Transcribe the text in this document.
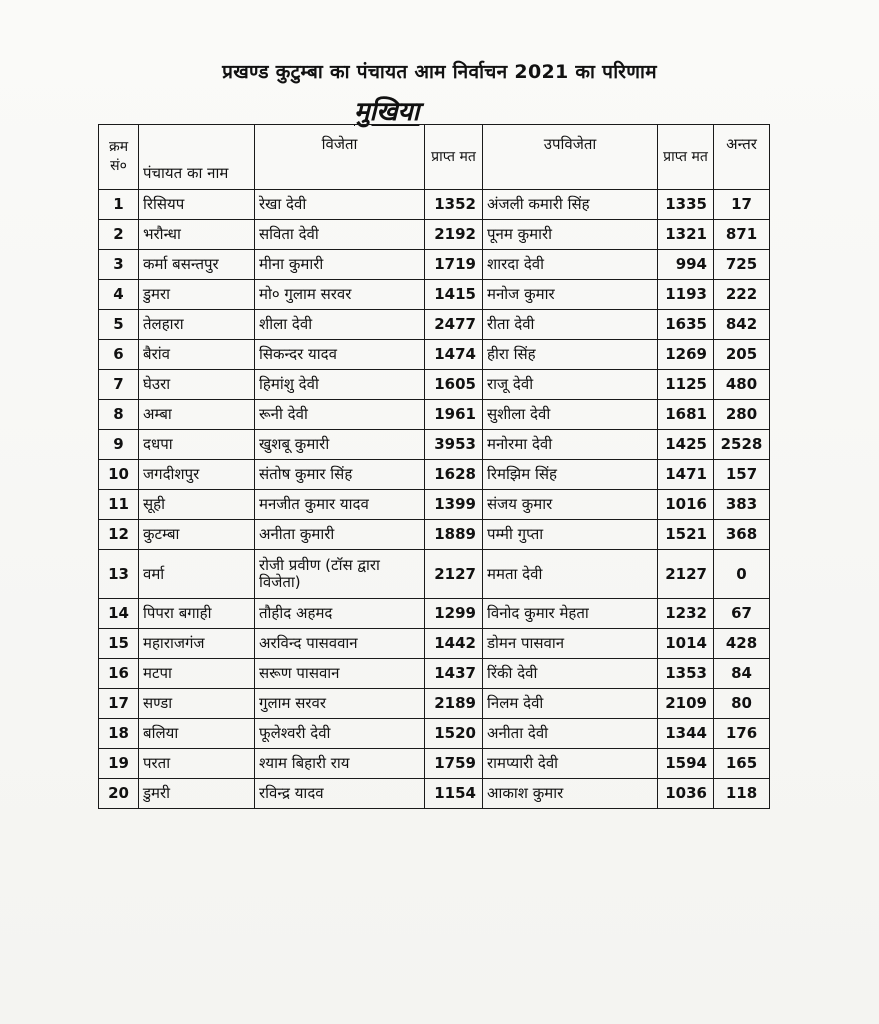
प्रखण्ड कुटुम्बा का पंचायत आम निर्वाचन 2021 का परिणाम
मुखिया
क्रम सं०	पंचायत का नाम	विजेता	प्राप्त मत	उपविजेता	प्राप्त मत	अन्तर
1	रिसियप	रेखा देवी	1352	अंजली कमारी सिंह	1335	17
2	भरौन्धा	सविता देवी	2192	पूनम कुमारी	1321	871
3	कर्मा बसन्तपुर	मीना कुमारी	1719	शारदा देवी	994	725
4	डुमरा	मो० गुलाम सरवर	1415	मनोज कुमार	1193	222
5	तेलहारा	शीला देवी	2477	रीता देवी	1635	842
6	बैरांव	सिकन्दर यादव	1474	हीरा सिंह	1269	205
7	घेउरा	हिमांशु देवी	1605	राजू देवी	1125	480
8	अम्बा	रूनी देवी	1961	सुशीला देवी	1681	280
9	दधपा	खुशबू कुमारी	3953	मनोरमा देवी	1425	2528
10	जगदीशपुर	संतोष कुमार सिंह	1628	रिमझिम सिंह	1471	157
11	सूही	मनजीत कुमार यादव	1399	संजय कुमार	1016	383
12	कुटम्बा	अनीता कुमारी	1889	पम्मी गुप्ता	1521	368
13	वर्मा	रोजी प्रवीण (टॉस द्वारा विजेता)	2127	ममता देवी	2127	0
14	पिपरा बगाही	तौहीद अहमद	1299	विनोद कुमार मेहता	1232	67
15	महाराजगंज	अरविन्द पासववान	1442	डोमन पासवान	1014	428
16	मटपा	सरूण पासवान	1437	रिंकी देवी	1353	84
17	सण्डा	गुलाम सरवर	2189	निलम देवी	2109	80
18	बलिया	फूलेश्वरी देवी	1520	अनीता देवी	1344	176
19	परता	श्याम बिहारी राय	1759	रामप्यारी देवी	1594	165
20	डुमरी	रविन्द्र यादव	1154	आकाश कुमार	1036	118
